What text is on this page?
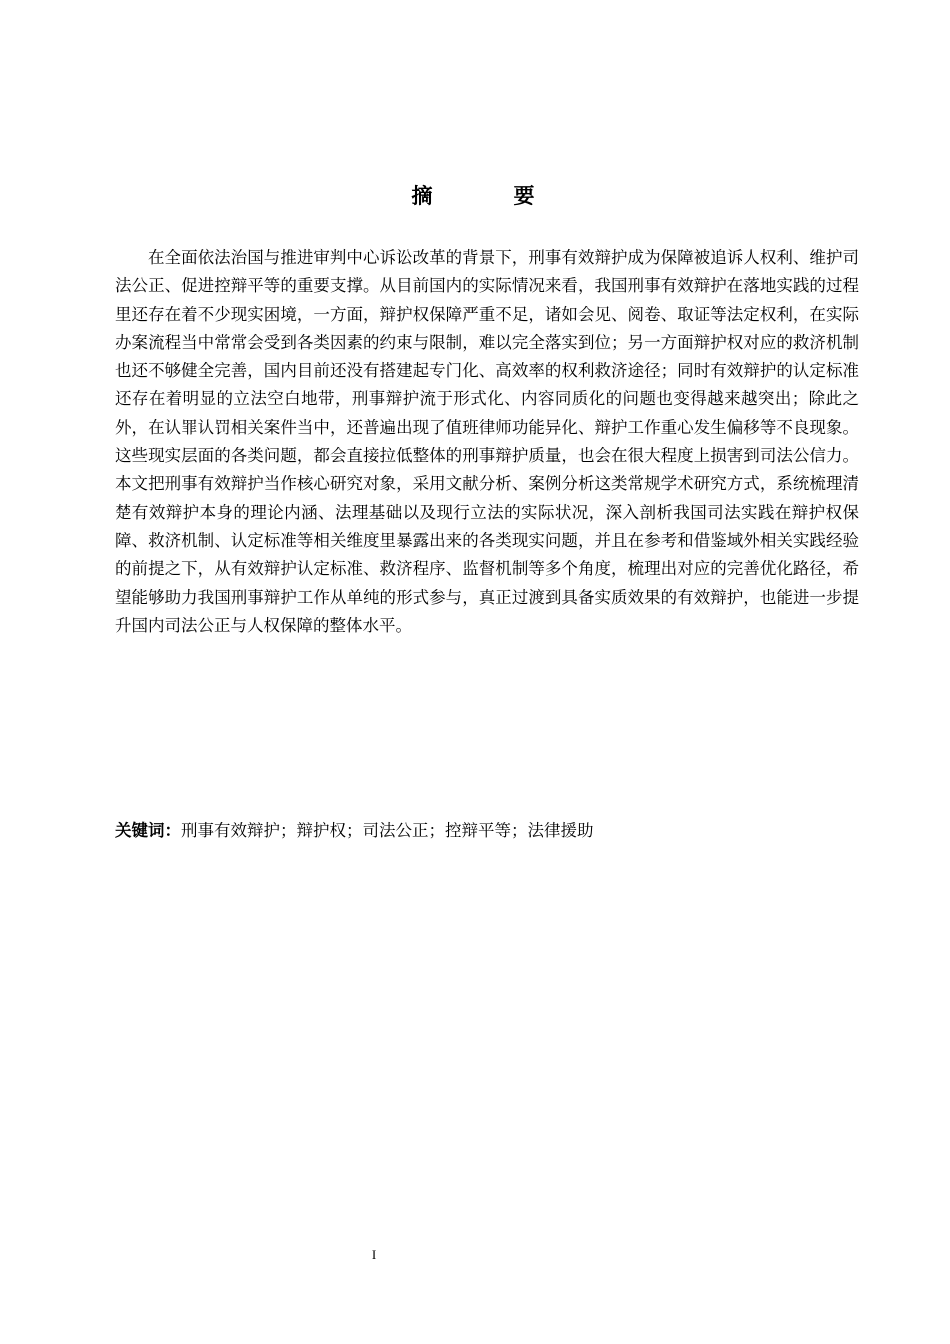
摘　要

在全面依法治国与推进审判中心诉讼改革的背景下，刑事有效辩护成为保障被追诉人权利、维护司法公正、促进控辩平等的重要支撑。从目前国内的实际情况来看，我国刑事有效辩护在落地实践的过程里还存在着不少现实困境，一方面，辩护权保障严重不足，诸如会见、阅卷、取证等法定权利，在实际办案流程当中常常会受到各类因素的约束与限制，难以完全落实到位；另一方面辩护权对应的救济机制也还不够健全完善，国内目前还没有搭建起专门化、高效率的权利救济途径；同时有效辩护的认定标准还存在着明显的立法空白地带，刑事辩护流于形式化、内容同质化的问题也变得越来越突出；除此之外，在认罪认罚相关案件当中，还普遍出现了值班律师功能异化、辩护工作重心发生偏移等不良现象。这些现实层面的各类问题，都会直接拉低整体的刑事辩护质量，也会在很大程度上损害到司法公信力。本文把刑事有效辩护当作核心研究对象，采用文献分析、案例分析这类常规学术研究方式，系统梳理清楚有效辩护本身的理论内涵、法理基础以及现行立法的实际状况，深入剖析我国司法实践在辩护权保障、救济机制、认定标准等相关维度里暴露出来的各类现实问题，并且在参考和借鉴域外相关实践经验的前提之下，从有效辩护认定标准、救济程序、监督机制等多个角度，梳理出对应的完善优化路径，希望能够助力我国刑事辩护工作从单纯的形式参与，真正过渡到具备实质效果的有效辩护，也能进一步提升国内司法公正与人权保障的整体水平。

关键词：刑事有效辩护；辩护权；司法公正；控辩平等；法律援助
I
